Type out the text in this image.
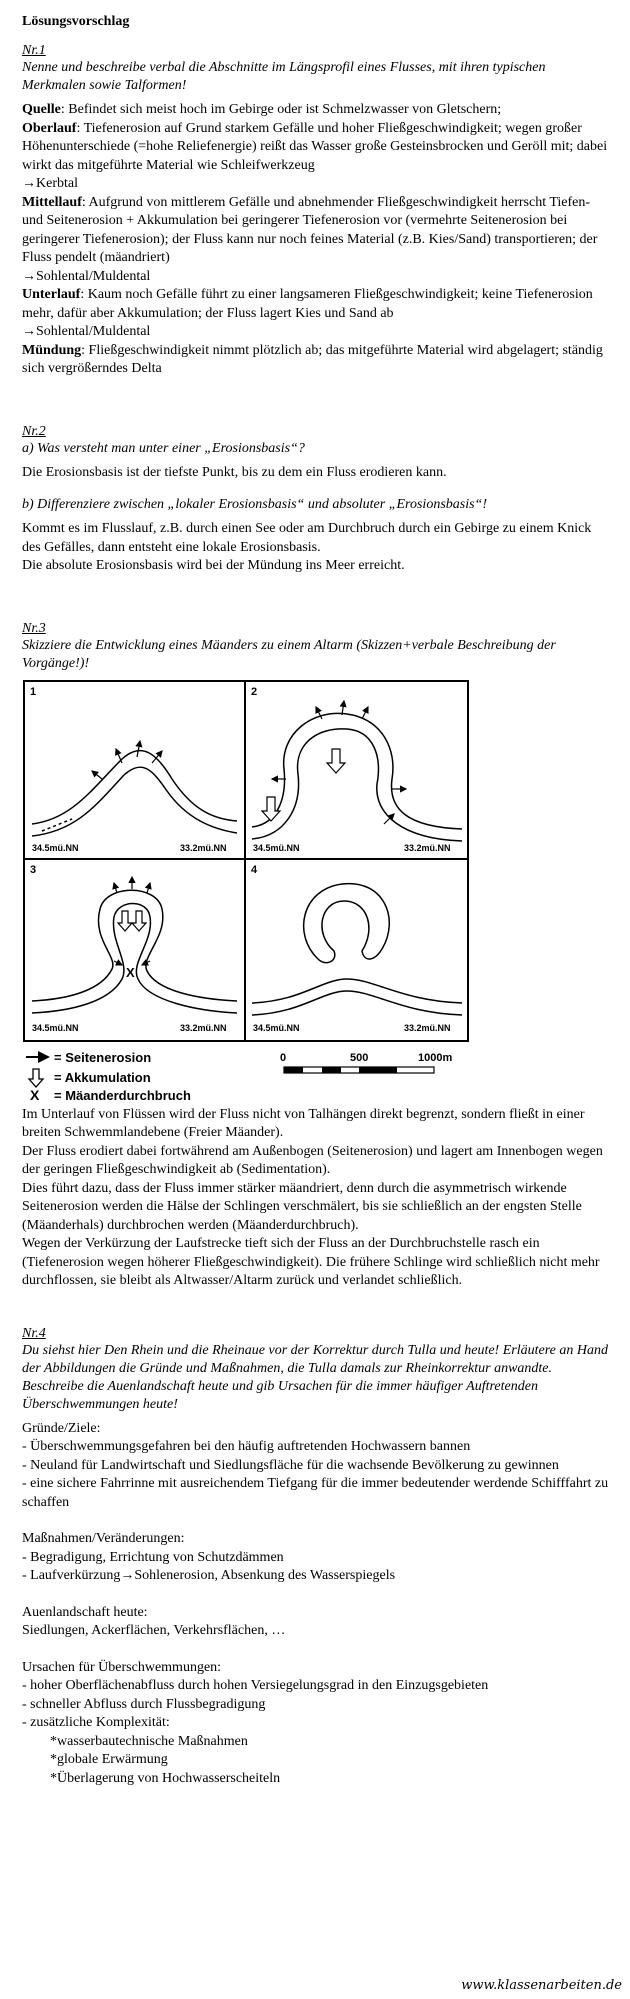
Lösungsvorschlag
Nr.1
Nenne und beschreibe verbal die Abschnitte im Längsprofil eines Flusses, mit ihren typischen Merkmalen sowie Talformen!

Quelle: Befindet sich meist hoch im Gebirge oder ist Schmelzwasser von Gletschern;

Oberlauf: Tiefenerosion auf Grund starkem Gefälle und hoher Fließgeschwindigkeit; wegen großer Höhenunterschiede (=hohe Reliefenergie) reißt das Wasser große Gesteinsbrocken und Geröll mit; dabei wirkt das mitgeführte Material wie Schleifwerkzeug

→Kerbtal

Mittellauf: Aufgrund von mittlerem Gefälle und abnehmender Fließgeschwindigkeit herrscht Tiefen-und Seitenerosion + Akkumulation bei geringerer Tiefenerosion vor (vermehrte Seitenerosion bei geringerer Tiefenerosion); der Fluss kann nur noch feines Material (z.B. Kies/Sand) transportieren; der Fluss pendelt (mäandriert)

→Sohlental/Muldental

Unterlauf: Kaum noch Gefälle führt zu einer langsameren Fließgeschwindigkeit; keine Tiefenerosion mehr, dafür aber Akkumulation; der Fluss lagert Kies und Sand ab

→Sohlental/Muldental

Mündung: Fließgeschwindigkeit nimmt plötzlich ab; das mitgeführte Material wird abgelagert; ständig sich vergrößerndes Delta

Nr.2
a) Was versteht man unter einer „Erosionsbasis“?

Die Erosionsbasis ist der tiefste Punkt, bis zu dem ein Fluss erodieren kann.

b) Differenziere zwischen „lokaler Erosionsbasis“ und absoluter „Erosionsbasis“!

Kommt es im Flusslauf, z.B. durch einen See oder am Durchbruch durch ein Gebirge zu einem Knick des Gefälles, dann entsteht eine lokale Erosionsbasis.

Die absolute Erosionsbasis wird bei der Mündung ins Meer erreicht.

Nr.3
Skizziere die Entwicklung eines Mäanders zu einem Altarm (Skizzen+verbale Beschreibung der Vorgänge!)!
1	2
3	4
34.5mü.NN	33.2mü.NN	34.5mü.NN	33.2mü.NN
X
34.5mü.NN	33.2mü.NN	34.5mü.NN	33.2mü.NN
= Seitenerosion
= Akkumulation
X = Mäanderdurchbruch
0	500	1000m

Im Unterlauf von Flüssen wird der Fluss nicht von Talhängen direkt begrenzt, sondern fließt in einer breiten Schwemmlandebene (Freier Mäander).

Der Fluss erodiert dabei fortwährend am Außenbogen (Seitenerosion) und lagert am Innenbogen wegen der geringen Fließgeschwindigkeit ab (Sedimentation).

Dies führt dazu, dass der Fluss immer stärker mäandriert, denn durch die asymmetrisch wirkende Seitenerosion werden die Hälse der Schlingen verschmälert, bis sie schließlich an der engsten Stelle (Mäanderhals) durchbrochen werden (Mäanderdurchbruch).

Wegen der Verkürzung der Laufstrecke tieft sich der Fluss an der Durchbruchstelle rasch ein (Tiefenerosion wegen höherer Fließgeschwindigkeit). Die frühere Schlinge wird schließlich nicht mehr durchflossen, sie bleibt als Altwasser/Altarm zurück und verlandet schließlich.

Nr.4
Du siehst hier Den Rhein und die Rheinaue vor der Korrektur durch Tulla und heute! Erläutere an Hand der Abbildungen die Gründe und Maßnahmen, die Tulla damals zur Rheinkorrektur anwandte. Beschreibe die Auenlandschaft heute und gib Ursachen für die immer häufiger Auftretenden Überschwemmungen heute!

Gründe/Ziele:

- Überschwemmungsgefahren bei den häufig auftretenden Hochwassern bannen

- Neuland für Landwirtschaft und Siedlungsfläche für die wachsende Bevölkerung zu gewinnen

- eine sichere Fahrrinne mit ausreichendem Tiefgang für die immer bedeutender werdende Schifffahrt zu schaffen

Maßnahmen/Veränderungen:

- Begradigung, Errichtung von Schutzdämmen

- Laufverkürzung→Sohlenerosion, Absenkung des Wasserspiegels

Auenlandschaft heute:

Siedlungen, Ackerflächen, Verkehrsflächen, …

Ursachen für Überschwemmungen:

- hoher Oberflächenabfluss durch hohen Versiegelungsgrad in den Einzugsgebieten

- schneller Abfluss durch Flussbegradigung

- zusätzliche Komplexität:

*wasserbautechnische Maßnahmen

*globale Erwärmung

*Überlagerung von Hochwasserscheiteln

www.klassenarbeiten.de
